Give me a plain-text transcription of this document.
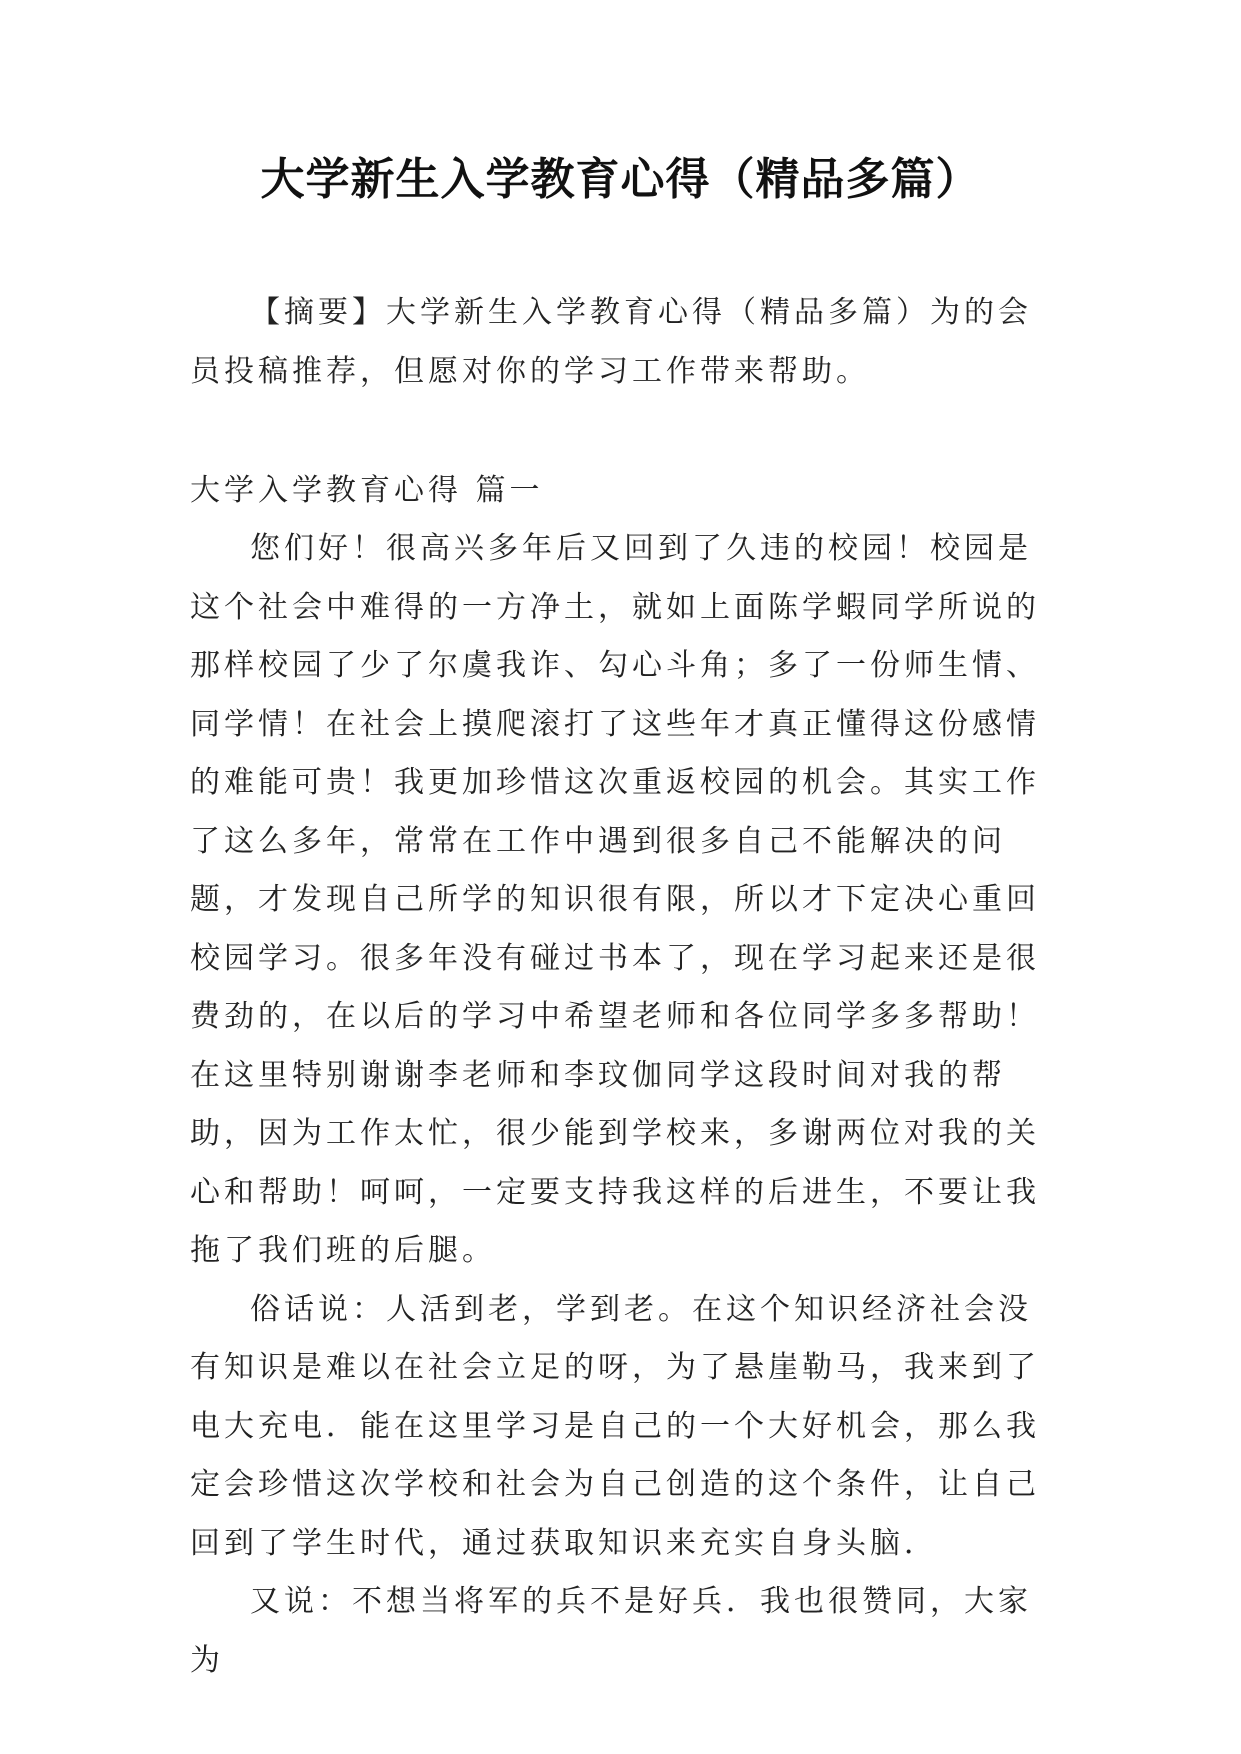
大学新生入学教育心得（精品多篇）

【摘要】大学新生入学教育心得（精品多篇）为的会员投稿推荐，但愿对你的学习工作带来帮助。

大学入学教育心得 篇一

您们好！很高兴多年后又回到了久违的校园！校园是这个社会中难得的一方净土，就如上面陈学蝦同学所说的那样校园了少了尔虞我诈、勾心斗角；多了一份师生情、同学情！在社会上摸爬滚打了这些年才真正懂得这份感情的难能可贵！我更加珍惜这次重返校园的机会。其实工作了这么多年，常常在工作中遇到很多自己不能解决的问题，才发现自己所学的知识很有限，所以才下定决心重回校园学习。很多年没有碰过书本了，现在学习起来还是很费劲的，在以后的学习中希望老师和各位同学多多帮助！在这里特别谢谢李老师和李玟伽同学这段时间对我的帮助，因为工作太忙，很少能到学校来，多谢两位对我的关心和帮助！呵呵，一定要支持我这样的后进生，不要让我拖了我们班的后腿。

俗话说：人活到老，学到老。在这个知识经济社会没有知识是难以在社会立足的呀，为了悬崖勒马，我来到了电大充电．能在这里学习是自己的一个大好机会，那么我定会珍惜这次学校和社会为自己创造的这个条件，让自己回到了学生时代，通过获取知识来充实自身头脑．

又说：不想当将军的兵不是好兵．我也很赞同，大家为
